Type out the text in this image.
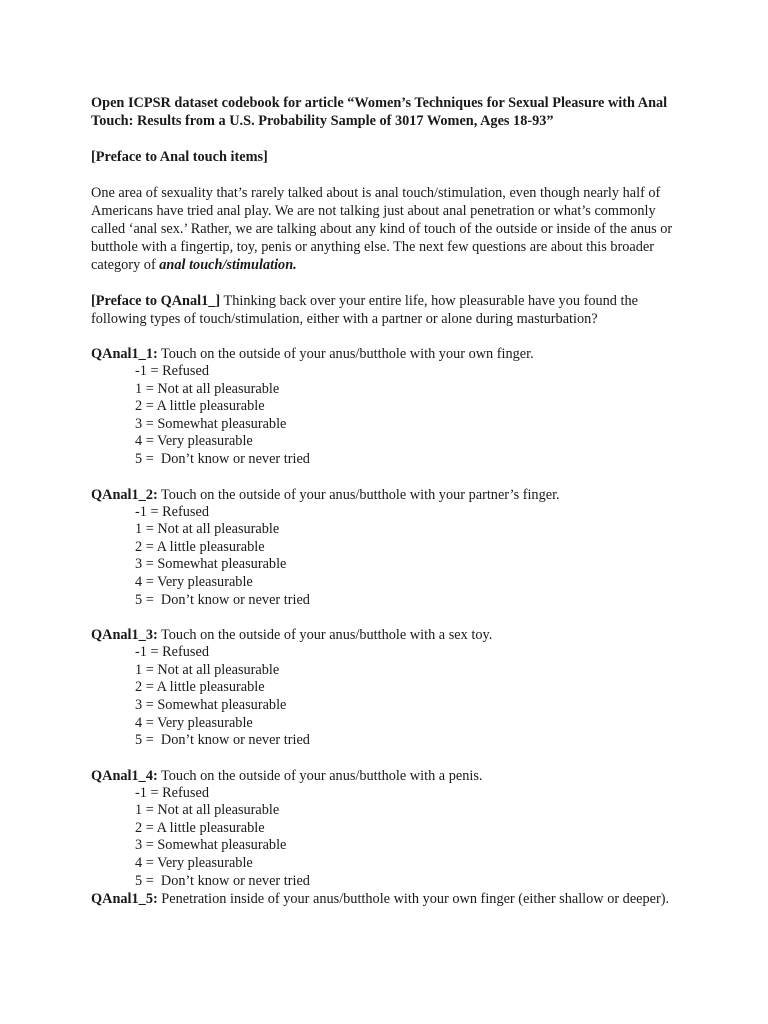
Open ICPSR dataset codebook for article “Women’s Techniques for Sexual Pleasure with Anal Touch: Results from a U.S. Probability Sample of 3017 Women, Ages 18-93”

[Preface to Anal touch items]

One area of sexuality that’s rarely talked about is anal touch/stimulation, even though nearly half of Americans have tried anal play. We are not talking just about anal penetration or what’s commonly called ‘anal sex.’ Rather, we are talking about any kind of touch of the outside or inside of the anus or butthole with a fingertip, toy, penis or anything else. The next few questions are about this broader category of anal touch/stimulation.

[Preface to QAnal1_] Thinking back over your entire life, how pleasurable have you found the following types of touch/stimulation, either with a partner or alone during masturbation?

QAnal1_1: Touch on the outside of your anus/butthole with your own finger.

-1 = Refused
1 = Not at all pleasurable
2 = A little pleasurable
3 = Somewhat pleasurable
4 = Very pleasurable
5 =  Don’t know or never tried

QAnal1_2: Touch on the outside of your anus/butthole with your partner’s finger.

-1 = Refused
1 = Not at all pleasurable
2 = A little pleasurable
3 = Somewhat pleasurable
4 = Very pleasurable
5 =  Don’t know or never tried

QAnal1_3: Touch on the outside of your anus/butthole with a sex toy.

-1 = Refused
1 = Not at all pleasurable
2 = A little pleasurable
3 = Somewhat pleasurable
4 = Very pleasurable
5 =  Don’t know or never tried

QAnal1_4: Touch on the outside of your anus/butthole with a penis.

-1 = Refused
1 = Not at all pleasurable
2 = A little pleasurable
3 = Somewhat pleasurable
4 = Very pleasurable
5 =  Don’t know or never tried

QAnal1_5: Penetration inside of your anus/butthole with your own finger (either shallow or deeper).
